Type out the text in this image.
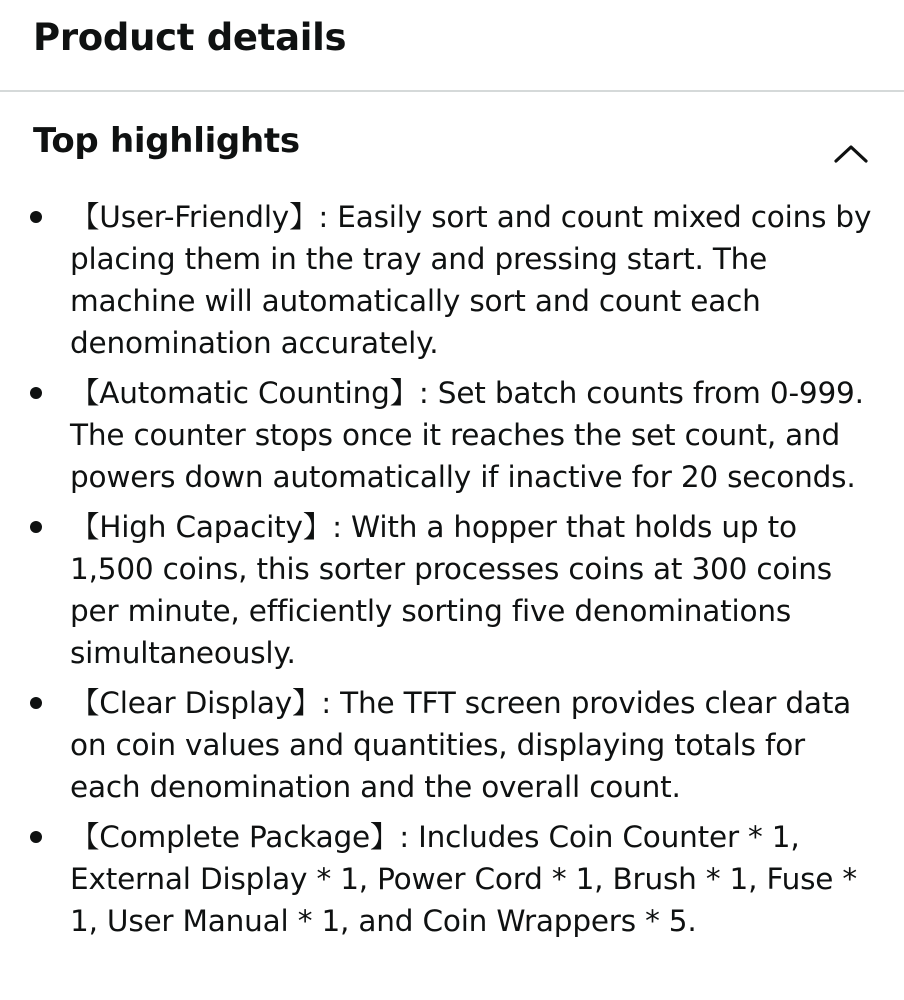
Product details
Top highlights
【User-Friendly】: Easily sort and count mixed coins by placing them in the tray and pressing start. The machine will automatically sort and count each denomination accurately.
【Automatic Counting】: Set batch counts from 0-999. The counter stops once it reaches the set count, and powers down automatically if inactive for 20 seconds.
【High Capacity】: With a hopper that holds up to 1,500 coins, this sorter processes coins at 300 coins per minute, efficiently sorting five denominations simultaneously.
【Clear Display】: The TFT screen provides clear data on coin values and quantities, displaying totals for each denomination and the overall count.
【Complete Package】: Includes Coin Counter * 1, External Display * 1, Power Cord * 1, Brush * 1, Fuse * 1, User Manual * 1, and Coin Wrappers * 5.
